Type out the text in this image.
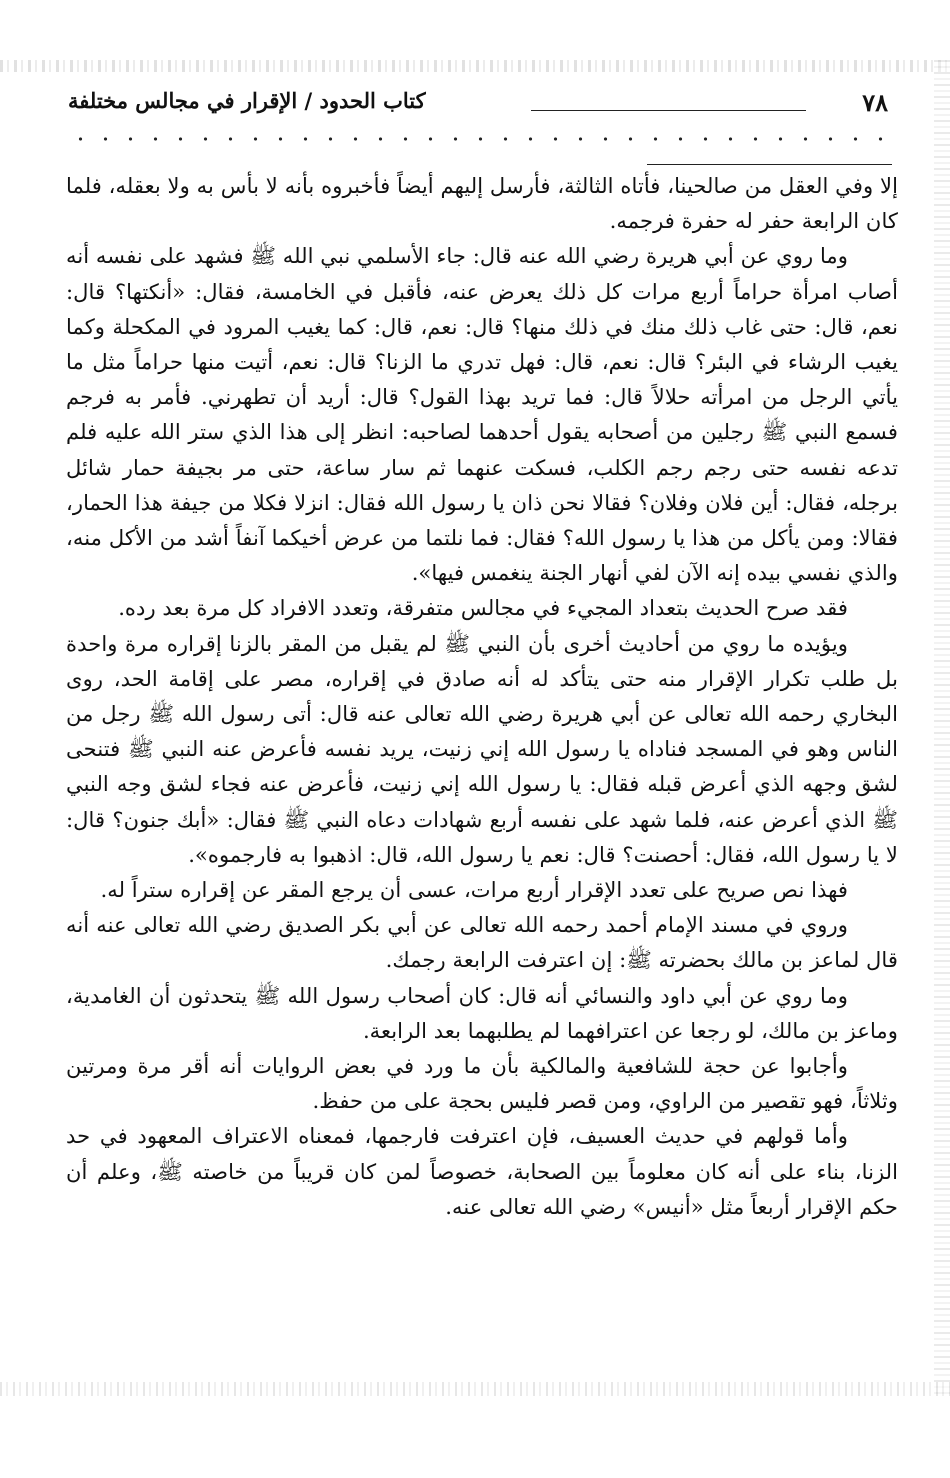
٧٨
كتاب الحدود / الإقرار في مجالس مختلفة

إلا وفي العقل من صالحينا، فأتاه الثالثة، فأرسل إليهم أيضاً فأخبروه بأنه لا بأس به ولا بعقله، فلما كان الرابعة حفر له حفرة فرجمه.

وما روي عن أبي هريرة رضي الله عنه قال: جاء الأسلمي نبي الله ﷺ فشهد على نفسه أنه أصاب امرأة حراماً أربع مرات كل ذلك يعرض عنه، فأقبل في الخامسة، فقال: «أنكتها؟ قال: نعم، قال: حتى غاب ذلك منك في ذلك منها؟ قال: نعم، قال: كما يغيب المرود في المكحلة وكما يغيب الرشاء في البئر؟ قال: نعم، قال: فهل تدري ما الزنا؟ قال: نعم، أتيت منها حراماً مثل ما يأتي الرجل من امرأته حلالاً قال: فما تريد بهذا القول؟ قال: أريد أن تطهرني. فأمر به فرجم فسمع النبي ﷺ رجلين من أصحابه يقول أحدهما لصاحبه: انظر إلى هذا الذي ستر الله عليه فلم تدعه نفسه حتى رجم رجم الكلب، فسكت عنهما ثم سار ساعة، حتى مر بجيفة حمار شائل برجله، فقال: أين فلان وفلان؟ فقالا نحن ذان يا رسول الله فقال: انزلا فكلا من جيفة هذا الحمار، فقالا: ومن يأكل من هذا يا رسول الله؟ فقال: فما نلتما من عرض أخيكما آنفاً أشد من الأكل منه، والذي نفسي بيده إنه الآن لفي أنهار الجنة ينغمس فيها».

فقد صرح الحديث بتعداد المجيء في مجالس متفرقة، وتعدد الافراد كل مرة بعد رده.

ويؤيده ما روي من أحاديث أخرى بأن النبي ﷺ لم يقبل من المقر بالزنا إقراره مرة واحدة بل طلب تكرار الإقرار منه حتى يتأكد له أنه صادق في إقراره، مصر على إقامة الحد، روى البخاري رحمه الله تعالى عن أبي هريرة رضي الله تعالى عنه قال: أتى رسول الله ﷺ رجل من الناس وهو في المسجد فناداه يا رسول الله إني زنيت، يريد نفسه فأعرض عنه النبي ﷺ فتنحى لشق وجهه الذي أعرض قبله فقال: يا رسول الله إني زنيت، فأعرض عنه فجاء لشق وجه النبي ﷺ الذي أعرض عنه، فلما شهد على نفسه أربع شهادات دعاه النبي ﷺ فقال: «أبك جنون؟ قال: لا يا رسول الله، فقال: أحصنت؟ قال: نعم يا رسول الله، قال: اذهبوا به فارجموه».

فهذا نص صريح على تعدد الإقرار أربع مرات، عسى أن يرجع المقر عن إقراره ستراً له.

وروي في مسند الإمام أحمد رحمه الله تعالى عن أبي بكر الصديق رضي الله تعالى عنه أنه قال لماعز بن مالك بحضرته ﷺ: إن اعترفت الرابعة رجمك.

وما روي عن أبي داود والنسائي أنه قال: كان أصحاب رسول الله ﷺ يتحدثون أن الغامدية، وماعز بن مالك، لو رجعا عن اعترافهما لم يطلبهما بعد الرابعة.

وأجابوا عن حجة للشافعية والمالكية بأن ما ورد في بعض الروايات أنه أقر مرة ومرتين وثلاثاً، فهو تقصير من الراوي، ومن قصر فليس بحجة على من حفظ.

وأما قولهم في حديث العسيف، فإن اعترفت فارجمها، فمعناه الاعتراف المعهود في حد الزنا، بناء على أنه كان معلوماً بين الصحابة، خصوصاً لمن كان قريباً من خاصته ﷺ، وعلم أن حكم الإقرار أربعاً مثل «أنيس» رضي الله تعالى عنه.
